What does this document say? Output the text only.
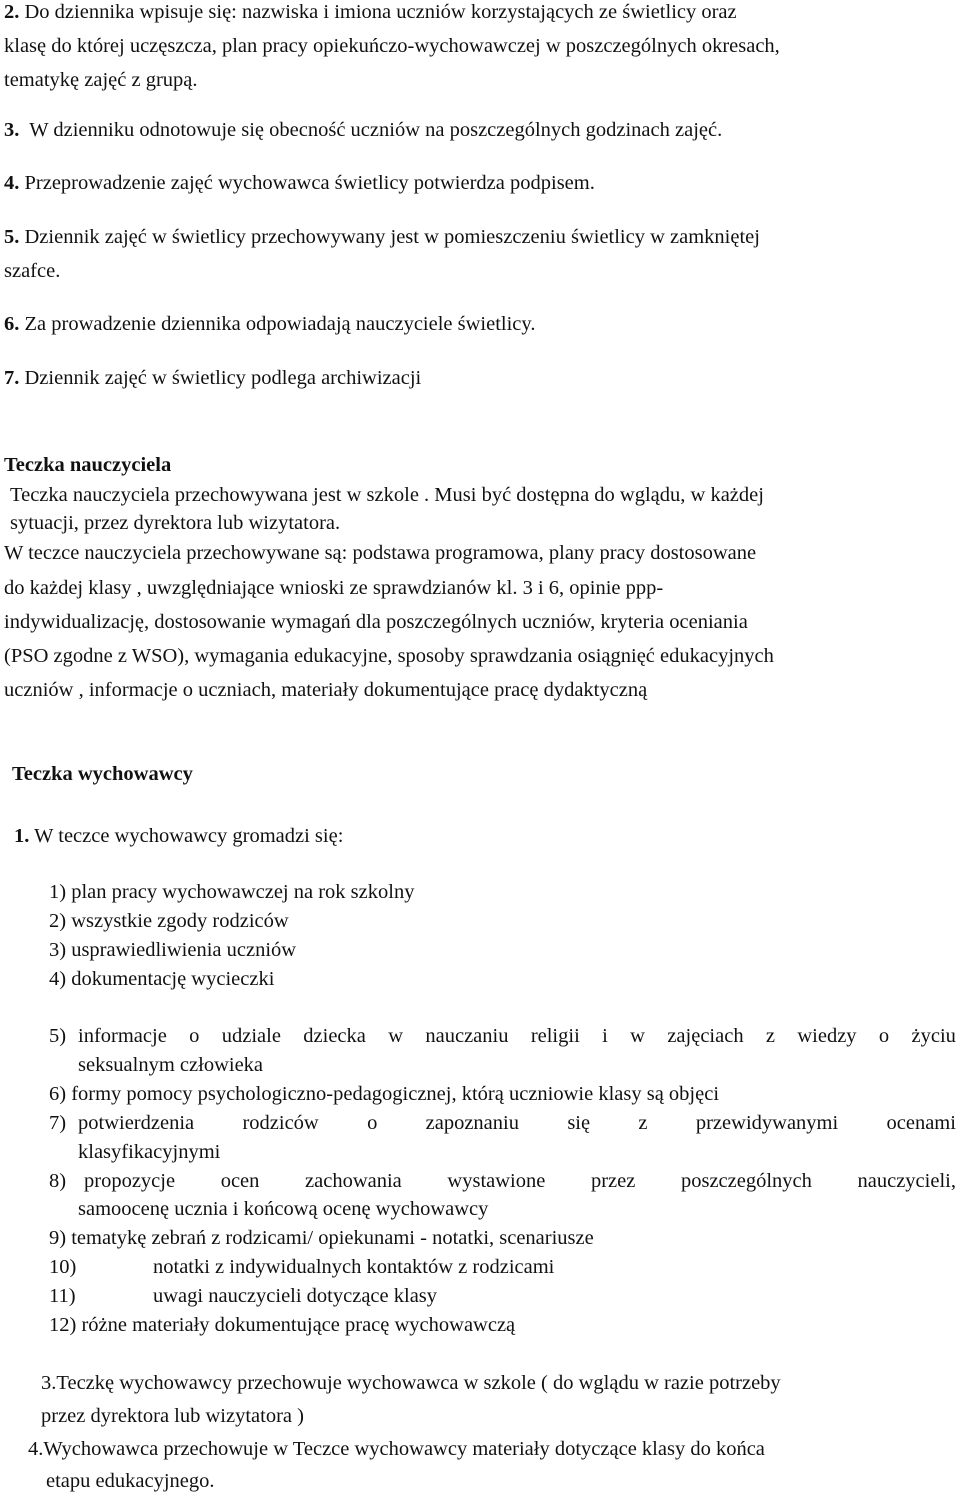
2. Do dziennika wpisuje się: nazwiska i imiona uczniów korzystających ze świetlicy oraz
klasę do której uczęszcza, plan pracy opiekuńczo-wychowawczej w poszczególnych okresach,
tematykę zajęć z grupą.
3. W dzienniku odnotowuje się obecność uczniów na poszczególnych godzinach zajęć.
4. Przeprowadzenie zajęć wychowawca świetlicy potwierdza podpisem.
5. Dziennik zajęć w świetlicy przechowywany jest w pomieszczeniu świetlicy w zamkniętej
szafce.
6. Za prowadzenie dziennika odpowiadają nauczyciele świetlicy.
7. Dziennik zajęć w świetlicy podlega archiwizacji
Teczka nauczyciela
Teczka nauczyciela przechowywana jest w szkole . Musi być dostępna do wglądu, w każdej
sytuacji, przez dyrektora lub wizytatora.
W teczce nauczyciela przechowywane są: podstawa programowa, plany pracy dostosowane
do każdej klasy , uwzględniające wnioski ze sprawdzianów kl. 3 i 6, opinie ppp-
indywidualizację, dostosowanie wymagań dla poszczególnych uczniów, kryteria oceniania
(PSO zgodne z WSO), wymagania edukacyjne, sposoby sprawdzania osiągnięć edukacyjnych
uczniów , informacje o uczniach, materiały dokumentujące pracę dydaktyczną
Teczka wychowawcy
1. W teczce wychowawcy gromadzi się:
1) plan pracy wychowawczej na rok szkolny
2) wszystkie zgody rodziców
3) usprawiedliwienia uczniów
4) dokumentację wycieczki
5) informacje o udziale dziecka w nauczaniu religii i w zajęciach z wiedzy o życiu
seksualnym człowieka
6) formy pomocy psychologiczno-pedagogicznej, którą uczniowie klasy są objęci
7) potwierdzenia rodziców o zapoznaniu się z przewidywanymi ocenami
klasyfikacyjnymi
8) propozycje ocen zachowania wystawione przez poszczególnych nauczycieli,
samoocenę ucznia i końcową ocenę wychowawcy
9) tematykę zebrań z rodzicami/ opiekunami - notatki, scenariusze
10)	notatki z indywidualnych kontaktów z rodzicami
11)	uwagi nauczycieli dotyczące klasy
12) różne materiały dokumentujące pracę wychowawczą
3.Teczkę wychowawcy przechowuje wychowawca w szkole ( do wglądu w razie potrzeby
przez dyrektora lub wizytatora )
4.Wychowawca przechowuje w Teczce wychowawcy materiały dotyczące klasy do końca
etapu edukacyjnego.
